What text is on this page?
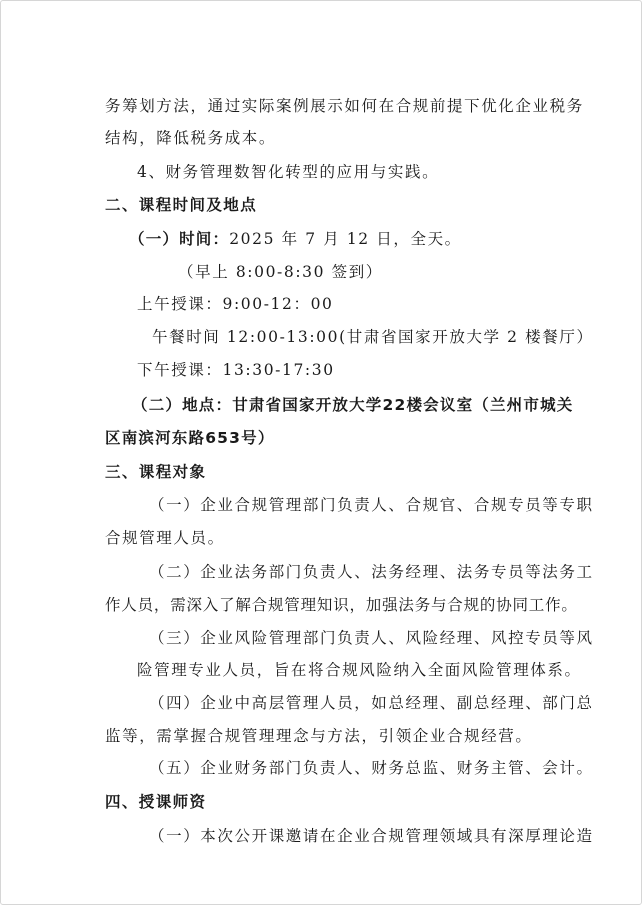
务筹划方法，通过实际案例展示如何在合规前提下优化企业税务
结构，降低税务成本。
4、财务管理数智化转型的应用与实践。
二、课程时间及地点
（一）时间：2025 年 7 月 12 日，全天。
（早上 8:00-8:30 签到）
上午授课：9:00-12：00
午餐时间 12:00-13:00(甘肃省国家开放大学 2 楼餐厅）
下午授课：13:30-17:30
（二）地点：甘肃省国家开放大学22楼会议室（兰州市城关
区南滨河东路653号）
三、课程对象
（一）企业合规管理部门负责人、合规官、合规专员等专职
合规管理人员。
（二）企业法务部门负责人、法务经理、法务专员等法务工
作人员，需深入了解合规管理知识，加强法务与合规的协同工作。
（三）企业风险管理部门负责人、风险经理、风控专员等风
险管理专业人员，旨在将合规风险纳入全面风险管理体系。
（四）企业中高层管理人员，如总经理、副总经理、部门总
监等，需掌握合规管理理念与方法，引领企业合规经营。
（五）企业财务部门负责人、财务总监、财务主管、会计。
四、授课师资
（一）本次公开课邀请在企业合规管理领域具有深厚理论造
